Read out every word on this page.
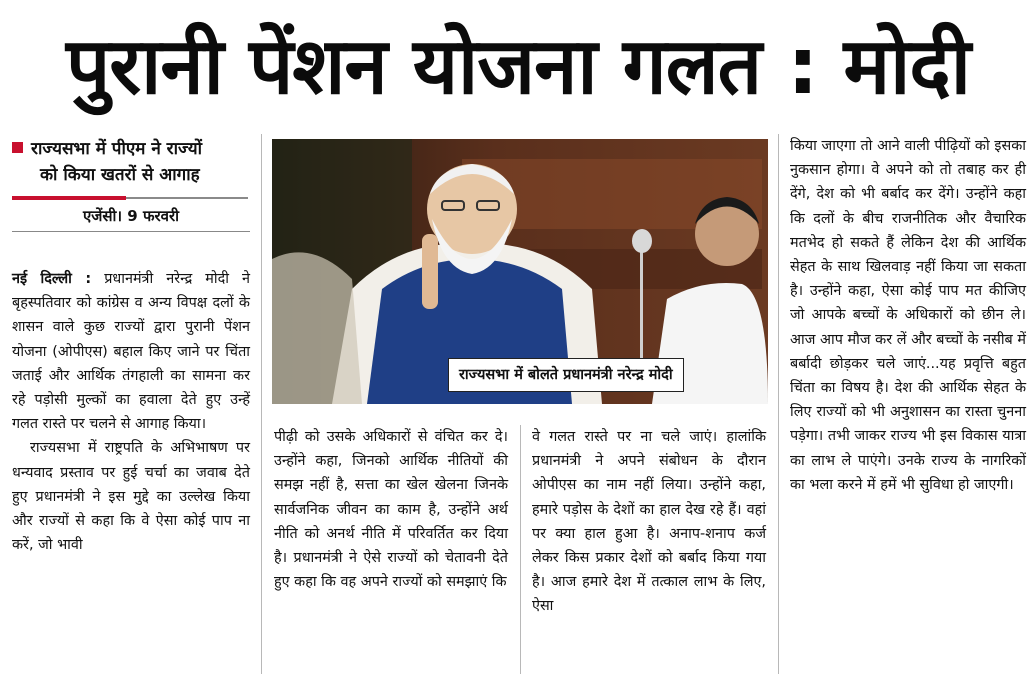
पुरानी पेंशन योजना गलत : मोदी
राज्यसभा में पीएम ने राज्यों
को किया खतरों से आगाह
एजेंसी। 9 फरवरी

नई दिल्ली : प्रधानमंत्री नरेन्द्र मोदी ने बृहस्पतिवार को कांग्रेस व अन्य विपक्ष दलों के शासन वाले कुछ राज्यों द्वारा पुरानी पेंशन योजना (ओपीएस) बहाल किए जाने पर चिंता जताई और आर्थिक तंगहाली का सामना कर रहे पड़ोसी मुल्कों का हवाला देते हुए उन्हें गलत रास्ते पर चलने से आगाह किया।

राज्यसभा में राष्ट्रपति के अभिभाषण पर धन्यवाद प्रस्ताव पर हुई चर्चा का जवाब देते हुए प्रधानमंत्री ने इस मुद्दे का उल्लेख किया और राज्यों से कहा कि वे ऐसा कोई पाप ना करें, जो भावी

राज्यसभा में बोलते प्रधानमंत्री नरेन्द्र मोदी

पीढ़ी को उसके अधिकारों से वंचित कर दे। उन्होंने कहा, जिनको आर्थिक नीतियों की समझ नहीं है, सत्ता का खेल खेलना जिनके सार्वजनिक जीवन का काम है, उन्होंने अर्थ नीति को अनर्थ नीति में परिवर्तित कर दिया है। प्रधानमंत्री ने ऐसे राज्यों को चेतावनी देते हुए कहा कि वह अपने राज्यों को समझाएं कि

वे गलत रास्ते पर ना चले जाएं। हालांकि प्रधानमंत्री ने अपने संबोधन के दौरान ओपीएस का नाम नहीं लिया। उन्होंने कहा, हमारे पड़ोस के देशों का हाल देख रहे हैं। वहां पर क्या हाल हुआ है। अनाप-शनाप कर्ज लेकर किस प्रकार देशों को बर्बाद किया गया है। आज हमारे देश में तत्काल लाभ के लिए, ऐसा

किया जाएगा तो आने वाली पीढ़ियों को इसका नुकसान होगा। वे अपने को तो तबाह कर ही देंगे, देश को भी बर्बाद कर देंगे। उन्होंने कहा कि दलों के बीच राजनीतिक और वैचारिक मतभेद हो सकते हैं लेकिन देश की आर्थिक सेहत के साथ खिलवाड़ नहीं किया जा सकता है। उन्होंने कहा, ऐसा कोई पाप मत कीजिए जो आपके बच्चों के अधिकारों को छीन ले। आज आप मौज कर लें और बच्चों के नसीब में बर्बादी छोड़कर चले जाएं...यह प्रवृत्ति बहुत चिंता का विषय है। देश की आर्थिक सेहत के लिए राज्यों को भी अनुशासन का रास्ता चुनना पड़ेगा। तभी जाकर राज्य भी इस विकास यात्रा का लाभ ले पाएंगे। उनके राज्य के नागरिकों का भला करने में हमें भी सुविधा हो जाएगी।
